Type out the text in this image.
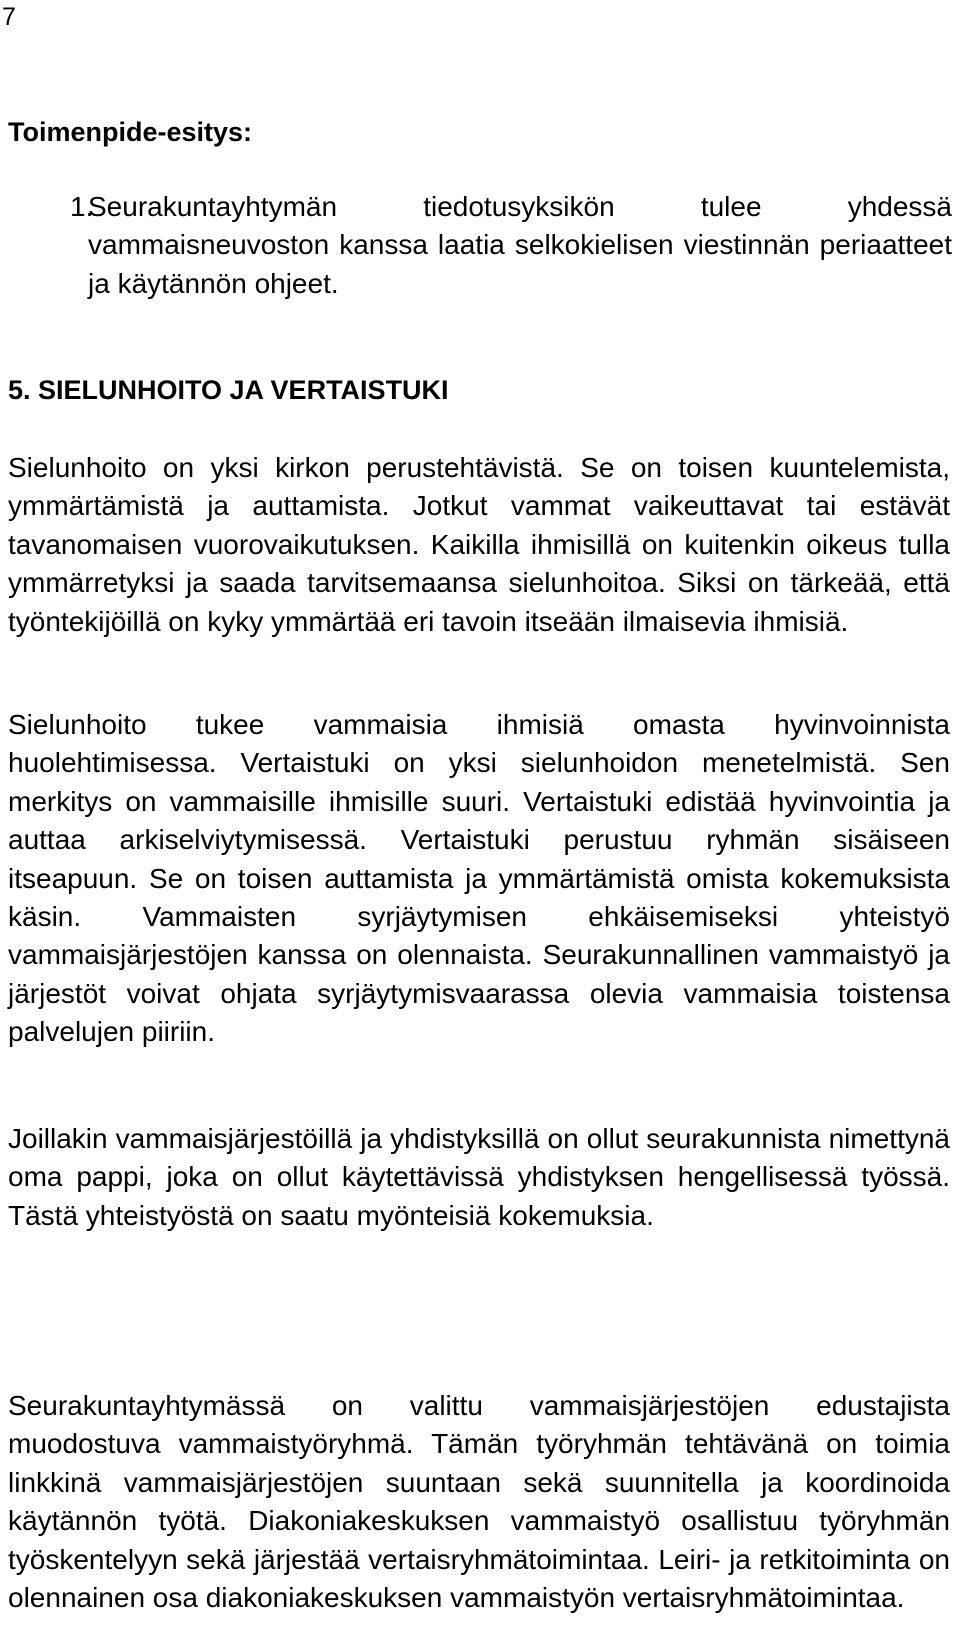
7
Toimenpide-esitys:
1.
Seurakuntayhtymän tiedotusyksikön tulee yhdessä vammaisneuvoston kanssa laatia selkokielisen viestinnän periaatteet ja käytännön ohjeet.
5. SIELUNHOITO JA VERTAISTUKI

Sielunhoito on yksi kirkon perustehtävistä. Se on toisen kuuntelemista, ymmärtämistä ja auttamista. Jotkut vammat vaikeuttavat tai estävät tavanomaisen vuorovaikutuksen. Kaikilla ihmisillä on kuitenkin oikeus tulla ymmärretyksi ja saada tarvitsemaansa sielunhoitoa. Siksi on tärkeää, että työntekijöillä on kyky ymmärtää eri tavoin itseään ilmaisevia ihmisiä.

Sielunhoito tukee vammaisia ihmisiä omasta hyvinvoinnista huolehtimisessa. Vertaistuki on yksi sielunhoidon menetelmistä. Sen merkitys on vammaisille ihmisille suuri. Vertaistuki edistää hyvinvointia ja auttaa arkiselviytymisessä. Vertaistuki perustuu ryhmän sisäiseen itseapuun. Se on toisen auttamista ja ymmärtämistä omista kokemuksista käsin. Vammaisten syrjäytymisen ehkäisemiseksi yhteistyö vammaisjärjestöjen kanssa on olennaista. Seurakunnallinen vammaistyö ja järjestöt voivat ohjata syrjäytymisvaarassa olevia vammaisia toistensa palvelujen piiriin.

Joillakin vammaisjärjestöillä ja yhdistyksillä on ollut seurakunnista nimettynä oma pappi, joka on ollut käytettävissä yhdistyksen hengellisessä työssä. Tästä yhteistyöstä on saatu myönteisiä kokemuksia.

Seurakuntayhtymässä on valittu vammaisjärjestöjen edustajista muodostuva vammaistyöryhmä. Tämän työryhmän tehtävänä on toimia linkkinä vammaisjärjestöjen suuntaan sekä suunnitella ja koordinoida käytännön työtä. Diakoniakeskuksen vammaistyö osallistuu työryhmän työskentelyyn sekä järjestää vertaisryhmätoimintaa. Leiri- ja retkitoiminta on olennainen osa diakoniakeskuksen vammaistyön vertaisryhmätoimintaa.
